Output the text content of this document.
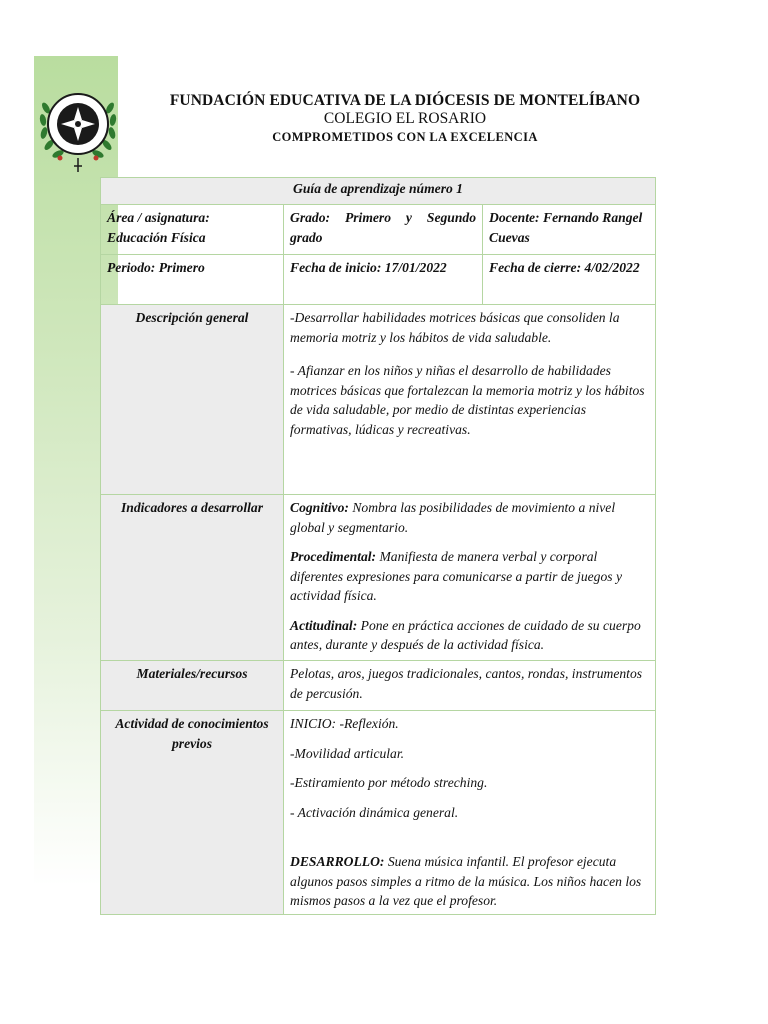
FUNDACIÓN EDUCATIVA DE LA DIÓCESIS DE MONTELÍBANO
COLEGIO EL ROSARIO
COMPROMETIDOS CON LA EXCELENCIA
Guía de aprendizaje número 1		

Área / asignatura:
Educación Física	Grado: Primero y Segundo grado	Docente: Fernando Rangel Cuevas
Periodo: Primero	Fecha de inicio: 17/01/2022	Fecha de cierre: 4/02/2022
Descripción general	-Desarrollar habilidades motrices básicas que consoliden la memoria motriz y los hábitos de vida saludable.

- Afianzar en los niños y niñas el desarrollo de habilidades motrices básicas que fortalezcan la memoria motriz y los hábitos de vida saludable, por medio de distintas experiencias formativas, lúdicas y recreativas.	

Indicadores a desarrollar	Cognitivo: Nombra las posibilidades de movimiento a nivel global y segmentario.

Procedimental: Manifiesta de manera verbal y corporal diferentes expresiones para comunicarse a partir de juegos y actividad física.

Actitudinal: Pone en práctica acciones de cuidado de su cuerpo antes, durante y después de la actividad física.	

Materiales/recursos	Pelotas, aros, juegos tradicionales, cantos, rondas, instrumentos de percusión.	
Actividad de conocimientos previos	INICIO: -Reflexión.

-Movilidad articular.

-Estiramiento por método streching.

- Activación dinámica general.

DESARROLLO: Suena música infantil. El profesor ejecuta algunos pasos simples a ritmo de la música. Los niños hacen los mismos pasos a la vez que el profesor.	
